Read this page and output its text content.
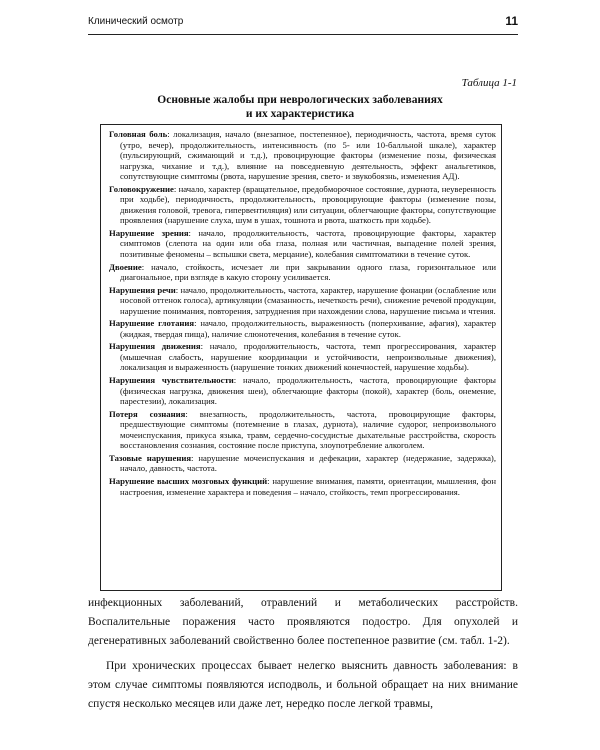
Клинический осмотр	11
Таблица 1-1
Основные жалобы при неврологических заболеваниях
и их характеристика
Головная боль: локализация, начало (внезапное, постепенное), периодичность, частота, время суток (утро, вечер), продолжительность, интенсивность (по 5- или 10-балльной шкале), характер (пульсирующий, сжимающий и т.д.), провоцирующие факторы (изменение позы, физическая нагрузка, чихание и т.д.), влияние на повседневную деятельность, эффект анальгетиков, сопутствующие симптомы (рвота, нарушение зрения, свето- и звукобоязнь, изменения АД).
Головокружение: начало, характер (вращательное, предобморочное состояние, дурнота, неуверенность при ходьбе), периодичность, продолжительность, провоцирующие факторы (изменение позы, движения головой, тревога, гипервентиляция) или ситуации, облегчающие факторы, сопутствующие проявления (нарушение слуха, шум в ушах, тошнота и рвота, шаткость при ходьбе).
Нарушение зрения: начало, продолжительность, частота, провоцирующие факторы, характер симптомов (слепота на один или оба глаза, полная или частичная, выпадение полей зрения, позитивные феномены – вспышки света, мерцание), колебания симптоматики в течение суток.
Двоение: начало, стойкость, исчезает ли при закрывании одного глаза, горизонтальное или диагональное, при взгляде в какую сторону усиливается.
Нарушения речи: начало, продолжительность, частота, характер, нарушение фонации (ослабление или носовой оттенок голоса), артикуляции (смазанность, нечеткость речи), снижение речевой продукции, нарушение понимания, повторения, затруднения при нахождении слова, нарушение письма и чтения.
Нарушение глотания: начало, продолжительность, выраженность (поперхивание, афагия), характер (жидкая, твердая пища), наличие слюнотечения, колебания в течение суток.
Нарушения движения: начало, продолжительность, частота, темп прогрессирования, характер (мышечная слабость, нарушение координации и устойчивости, непроизвольные движения), локализация и выраженность (нарушение тонких движений конечностей, нарушение ходьбы).
Нарушения чувствительности: начало, продолжительность, частота, провоцирующие факторы (физическая нагрузка, движения шеи), облегчающие факторы (покой), характер (боль, онемение, парестезии), локализация.
Потеря сознания: внезапность, продолжительность, частота, провоцирующие факторы, предшествующие симптомы (потемнение в глазах, дурнота), наличие судорог, непроизвольного мочеиспускания, прикуса языка, травм, сердечно-сосудистые дыхательные расстройства, скорость восстановления сознания, состояние после приступа, злоупотребление алкоголем.
Тазовые нарушения: нарушение мочеиспускания и дефекации, характер (недержание, задержка), начало, давность, частота.
Нарушение высших мозговых функций: нарушение внимания, памяти, ориентации, мышления, фон настроения, изменение характера и поведения – начало, стойкость, темп прогрессирования.

инфекционных заболеваний, отравлений и метаболических расстройств. Воспалительные поражения часто проявляются подостро. Для опухолей и дегенеративных заболеваний свойственно более постепенное развитие (см. табл. 1-2).

При хронических процессах бывает нелегко выяснить давность заболевания: в этом случае симптомы появляются исподволь, и больной обращает на них внимание спустя несколько месяцев или даже лет, нередко после легкой травмы,
